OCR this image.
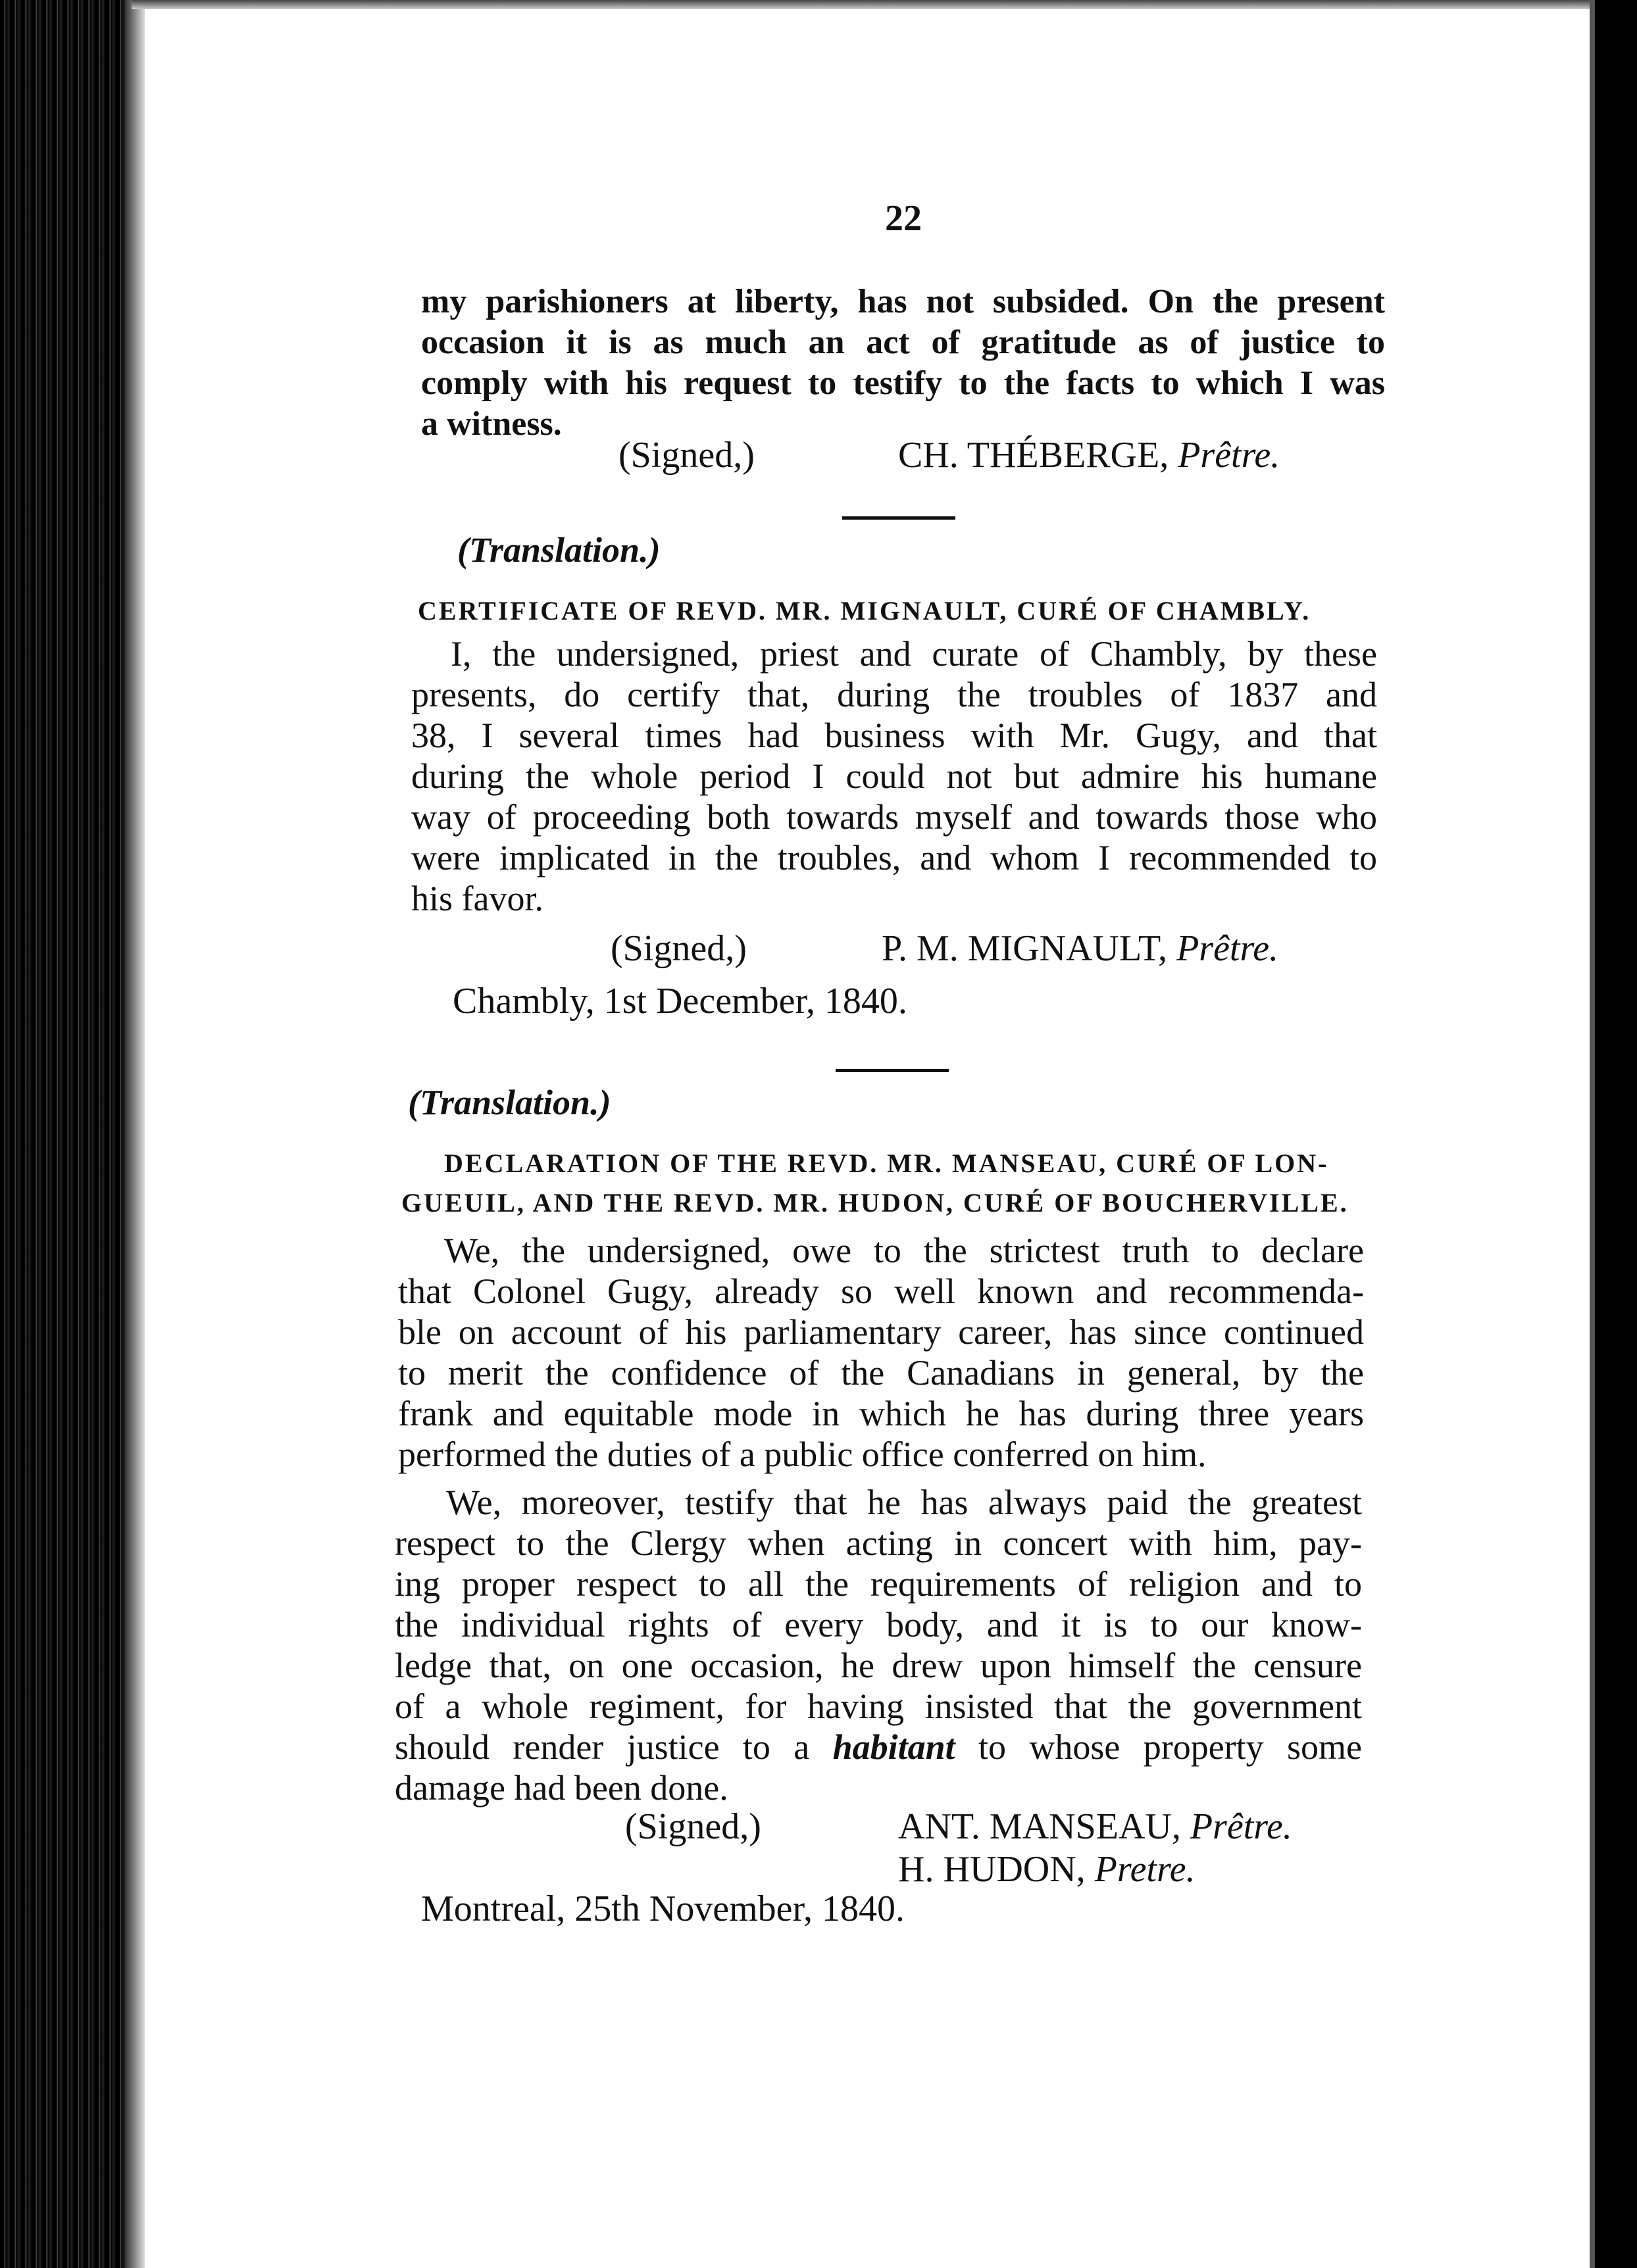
22
my parishioners at liberty, has not subsided. On the present
occasion it is as much an act of gratitude as of justice to
comply with his request to testify to the facts to which I was
a witness.
(Signed,)	CH. THÉBERGE, Prêtre.
(Translation.)
CERTIFICATE OF REVD. MR. MIGNAULT, CURÉ OF CHAMBLY.
I, the undersigned, priest and curate of Chambly, by these
presents, do certify that, during the troubles of 1837 and
38, I several times had business with Mr. Gugy, and that
during the whole period I could not but admire his humane
way of proceeding both towards myself and towards those who
were implicated in the troubles, and whom I recommended to
his favor.
(Signed,)	P. M. MIGNAULT, Prêtre.
Chambly, 1st December, 1840.
(Translation.)
DECLARATION OF THE REVD. MR. MANSEAU, CURÉ OF LON-
GUEUIL, AND THE REVD. MR. HUDON, CURÉ OF BOUCHERVILLE.
We, the undersigned, owe to the strictest truth to declare
that Colonel Gugy, already so well known and recommenda-
ble on account of his parliamentary career, has since continued
to merit the confidence of the Canadians in general, by the
frank and equitable mode in which he has during three years
performed the duties of a public office conferred on him.
We, moreover, testify that he has always paid the greatest
respect to the Clergy when acting in concert with him, pay-
ing proper respect to all the requirements of religion and to
the individual rights of every body, and it is to our know-
ledge that, on one occasion, he drew upon himself the censure
of a whole regiment, for having insisted that the government
should render justice to a habitant to whose property some
damage had been done.
(Signed,)	ANT. MANSEAU, Prêtre.
H. HUDON, Pretre.
Montreal, 25th November, 1840.
